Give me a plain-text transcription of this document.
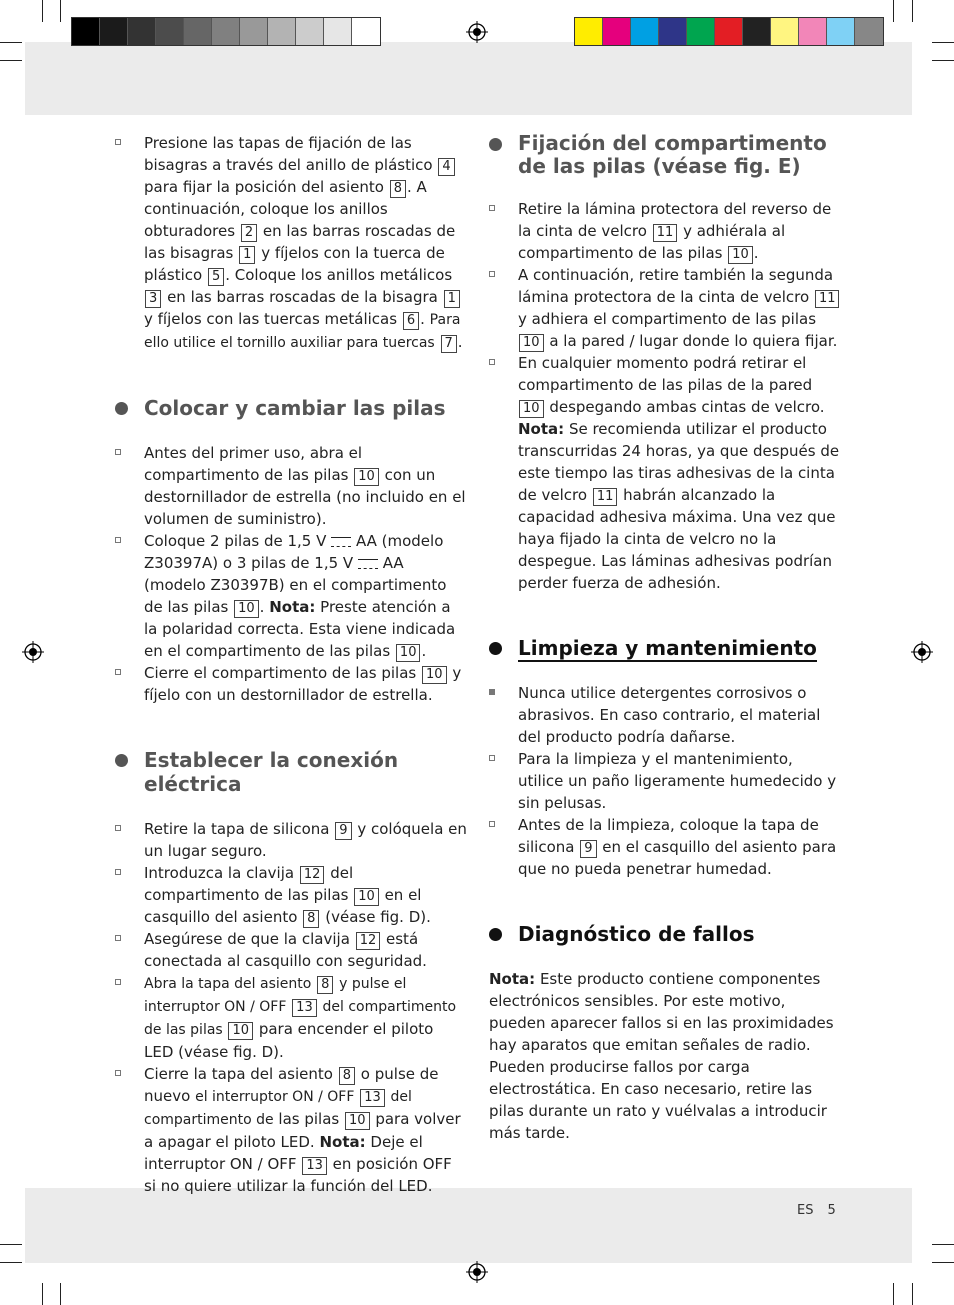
Presione las tapas de fijación de las bisagras a través del anillo de plástico 4 para fijar la posición del asiento 8 . A continuación, coloque los anillos obturadores 2 en las barras roscadas de las bisagras 1 y fíjelos con la tuerca de plástico 5 . Coloque los anillos metálicos 3 en las barras roscadas de la bisagra 1 y fíjelos con las tuercas metálicas 6 . Para ello utilice el tornillo auxiliar para tuercas 7 .

Colocar y cambiar las pilas

Antes del primer uso, abra el compartimento de las pilas 10 con un destornillador de estrella (no incluido en el volumen de suministro).

Coloque 2 pilas de 1,5 V AA (modelo Z30397A) o 3 pilas de 1,5 V AA (modelo Z30397B) en el compartimento de las pilas 10 . Nota: Preste atención a la polaridad correcta. Esta viene indicada en el compartimento de las pilas 10 .

Cierre el compartimento de las pilas 10 y fíjelo con un destornillador de estrella.

Establecer la conexión eléctrica

Retire la tapa de silicona 9 y colóquela en un lugar seguro.

Introduzca la clavija 12 del compartimento de las pilas 10 en el casquillo del asiento 8 (véase fig. D).

Asegúrese de que la clavija 12 está conectada al casquillo con seguridad.

Abra la tapa del asiento 8 y pulse el interruptor ON / OFF 13 del compartimento de las pilas 10 para encender el piloto LED (véase fig. D).

Cierre la tapa del asiento 8 o pulse de nuevo el interruptor ON / OFF 13 del compartimento de las pilas 10 para volver a apagar el piloto LED. Nota: Deje el interruptor ON / OFF 13 en posición OFF si no quiere utilizar la función del LED.

Fijación del compartimento de las pilas (véase fig. E)

Retire la lámina protectora del reverso de la cinta de velcro 11 y adhiérala al compartimento de las pilas 10 .

A continuación, retire también la segunda lámina protectora de la cinta de velcro 11 y adhiera el compartimento de las pilas 10 a la pared / lugar donde lo quiera fijar.

En cualquier momento podrá retirar el compartimento de las pilas de la pared 10 despegando ambas cintas de velcro. Nota: Se recomienda utilizar el producto transcurridas 24 horas, ya que después de este tiempo las tiras adhesivas de la cinta de velcro 11 habrán alcanzado la capacidad adhesiva máxima. Una vez que haya fijado la cinta de velcro no la despegue. Las láminas adhesivas podrían perder fuerza de adhesión.

Limpieza y mantenimiento

Nunca utilice detergentes corrosivos o abrasivos. En caso contrario, el material del producto podría dañarse.

Para la limpieza y el mantenimiento, utilice un paño ligeramente humedecido y sin pelusas.

Antes de la limpieza, coloque la tapa de silicona 9 en el casquillo del asiento para que no pueda penetrar humedad.

Diagnóstico de fallos

Nota: Este producto contiene componentes electrónicos sensibles. Por este motivo, pueden aparecer fallos si en las proximidades hay aparatos que emitan señales de radio.

Pueden producirse fallos por carga electrostática. En caso necesario, retire las pilas durante un rato y vuélvalas a introducir más tarde.

ES 5
